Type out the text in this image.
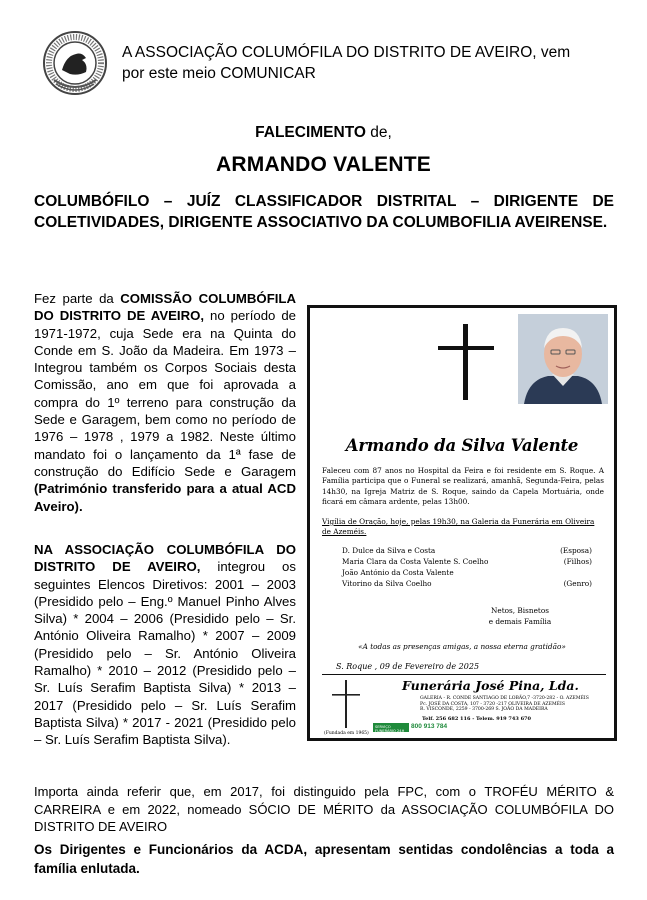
A ASSOCIAÇÃO COLUMÓFILA DO DISTRITO DE AVEIRO, vem
por este meio COMUNICAR
FALECIMENTO de,
ARMANDO VALENTE
COLUMBÓFILO – JUÍZ CLASSIFICADOR DISTRITAL – DIRIGENTE DE COLETIVIDADES, DIRIGENTE ASSOCIATIVO DA COLUMBOFILIA AVEIRENSE.
Fez parte da COMISSÃO COLUMBÓFILA DO DISTRITO DE AVEIRO, no período de 1971-1972, cuja Sede era na Quinta do Conde em S. João da Madeira. Em 1973 – Integrou também os Corpos Sociais desta Comissão, ano em que foi aprovada a compra do 1º terreno para construção da Sede e Garagem, bem como no período de 1976 – 1978 , 1979 a 1982. Neste último mandato foi o lançamento da 1ª fase de construção do Edifício Sede e Garagem (Património transferido para a atual ACD Aveiro).
NA ASSOCIAÇÃO COLUMBÓFILA DO DISTRITO DE AVEIRO, integrou os seguintes Elencos Diretivos: 2001 – 2003 (Presidido pelo – Eng.º Manuel Pinho Alves Silva) * 2004 – 2006 (Presidido pelo – Sr. António Oliveira Ramalho) * 2007 – 2009 (Presidido pelo – Sr. António Oliveira Ramalho) * 2010 – 2012 (Presidido pelo – Sr. Luís Serafim Baptista Silva) * 2013 – 2017 (Presidido pelo – Sr. Luís Serafim Baptista Silva) * 2017 - 2021 (Presidido pelo – Sr. Luís Serafim Baptista Silva).
Importa ainda referir que, em 2017, foi distinguido pela FPC, com o TROFÉU MÉRITO & CARREIRA e em 2022, nomeado SÓCIO DE MÉRITO da ASSOCIAÇÃO COLUMBÓFILA DO DISTRITO DE AVEIRO
Os Dirigentes e Funcionários da ACDA, apresentam sentidas condolências a toda a família enlutada.
Armando da Silva Valente
Faleceu com 87 anos no Hospital da Feira e foi residente em S. Roque. A Família participa que o Funeral se realizará, amanhã, Segunda-Feira, pelas 14h30, na Igreja Matriz de S. Roque, saindo da Capela Mortuária, onde ficará em câmara ardente, pelas 13h00.
Vigília de Oração, hoje, pelas 19h30, na Galeria da Funerária em Oliveira de Azeméis.
D. Dulce da Silva e Costa	(Esposa)
Maria Clara da Costa Valente S. Coelho	(Filhos)
João António da Costa Valente
Vitorino da Silva Coelho	(Genro)
Netos, Bisnetos
e demais Família
«A todas as presenças amigas, a nossa eterna gratidão»
S. Roque , 09 de Fevereiro de 2025
(Fundada em 1965)
Funerária José Pina, Lda.
GALERIA - R. CONDE SANTIAGO DE LOBÃO,7 -3720-282 - O. AZEMÉIS
Pc. JOSÉ DA COSTA, 107 - 3720 -217 OLIVEIRA DE AZEMÉIS
R. VISCONDE, 2259 - 3700-269 S. JOÃO DA MADEIRA
Telf. 256 682 116 - Telem. 919 743 670
SERVIÇO FUNERÁRIO 24H
800 913 784
